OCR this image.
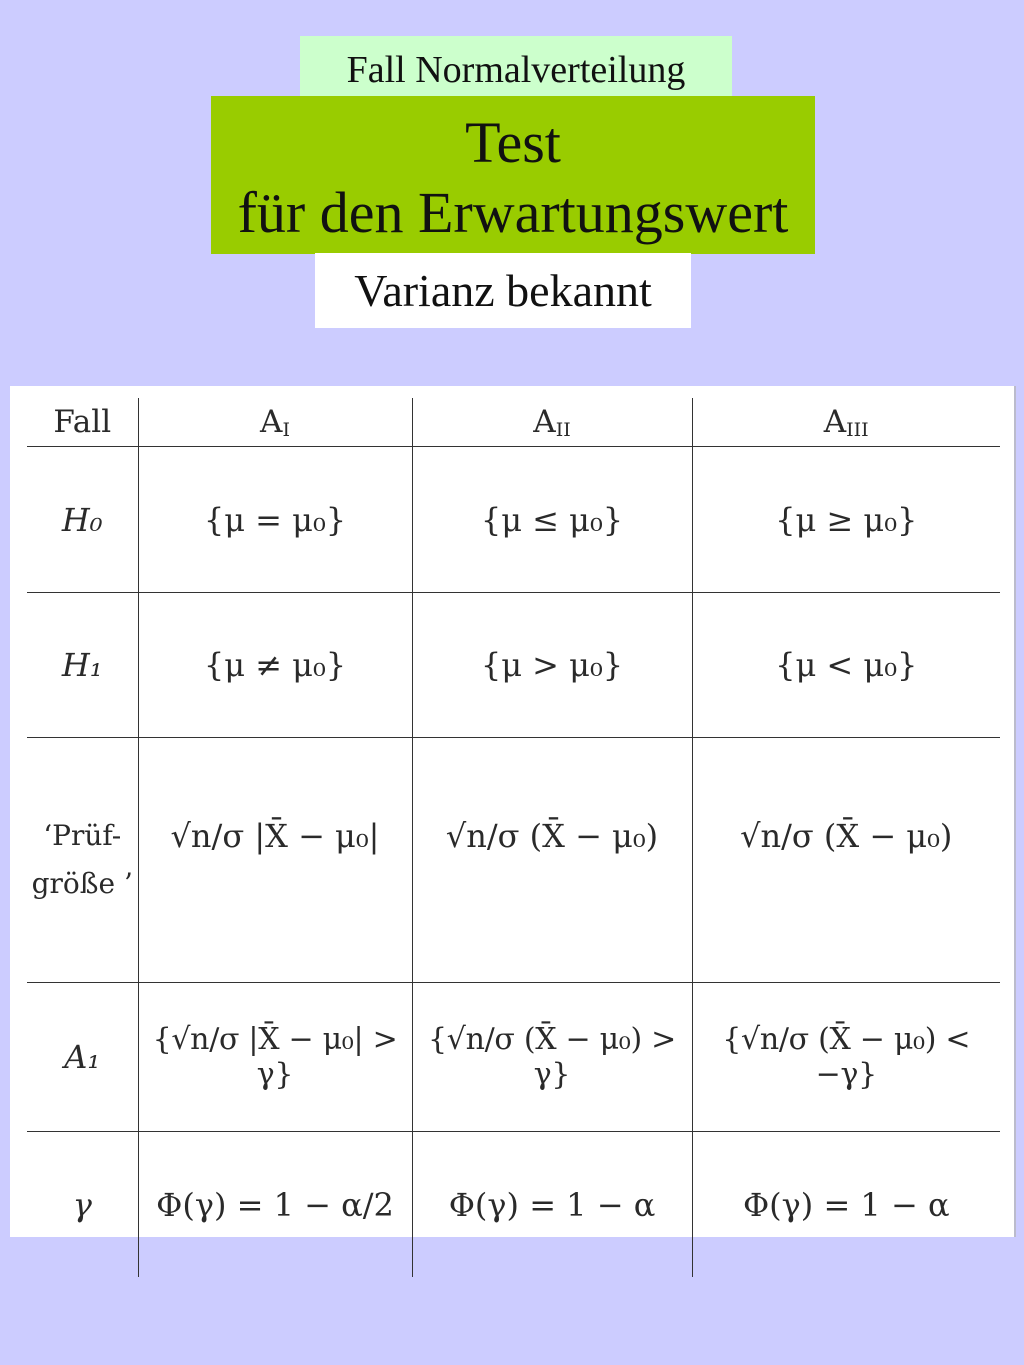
Fall Normalverteilung
Test
für den Erwartungswert
Varianz bekannt
Fall	$A_I$	$A_{II}$	$A_{III}$
H₀	{μ = μ₀}	{μ ≤ μ₀}	{μ ≥ μ₀}
H₁	{μ ≠ μ₀}	{μ > μ₀}	{μ < μ₀}
‘Prüf-
größe ’	√n/σ |X̄ − μ₀|	√n/σ (X̄ − μ₀)	√n/σ (X̄ − μ₀)
A₁	{√n/σ |X̄ − μ₀| > γ}	{√n/σ (X̄ − μ₀) > γ}	{√n/σ (X̄ − μ₀) < −γ}
γ	Φ(γ) = 1 − α/2	Φ(γ) = 1 − α	Φ(γ) = 1 − α
